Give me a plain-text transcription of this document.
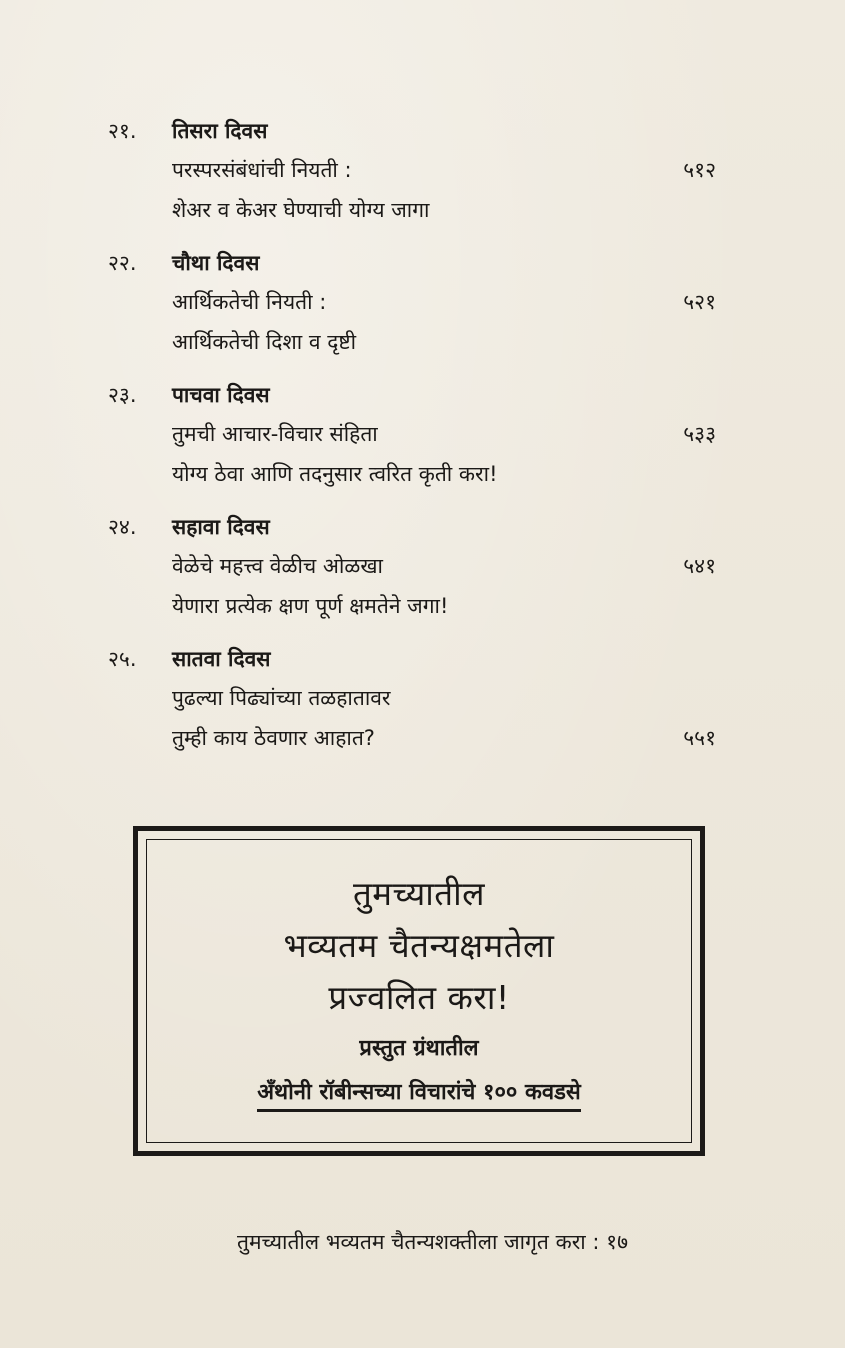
२१. तिसरा दिवस
परस्परसंबंधांची नियती :	५१२
शेअर व केअर घेण्याची योग्य जागा
२२. चौथा दिवस
आर्थिकतेची नियती :	५२१
आर्थिकतेची दिशा व दृष्टी
२३. पाचवा दिवस
तुमची आचार-विचार संहिता	५३३
योग्य ठेवा आणि तदनुसार त्वरित कृती करा!
२४. सहावा दिवस
वेळेचे महत्त्व वेळीच ओळखा	५४१
येणारा प्रत्येक क्षण पूर्ण क्षमतेने जगा!
२५. सातवा दिवस
पुढल्या पिढ्यांच्या तळहातावर
तुम्ही काय ठेवणार आहात?	५५१
तुमच्यातील
भव्यतम चैतन्यक्षमतेला
प्रज्वलित करा!
प्रस्तुत ग्रंथातील
अँथोनी रॉबीन्सच्या विचारांचे १०० कवडसे
तुमच्यातील भव्यतम चैतन्यशक्तीला जागृत करा : १७
